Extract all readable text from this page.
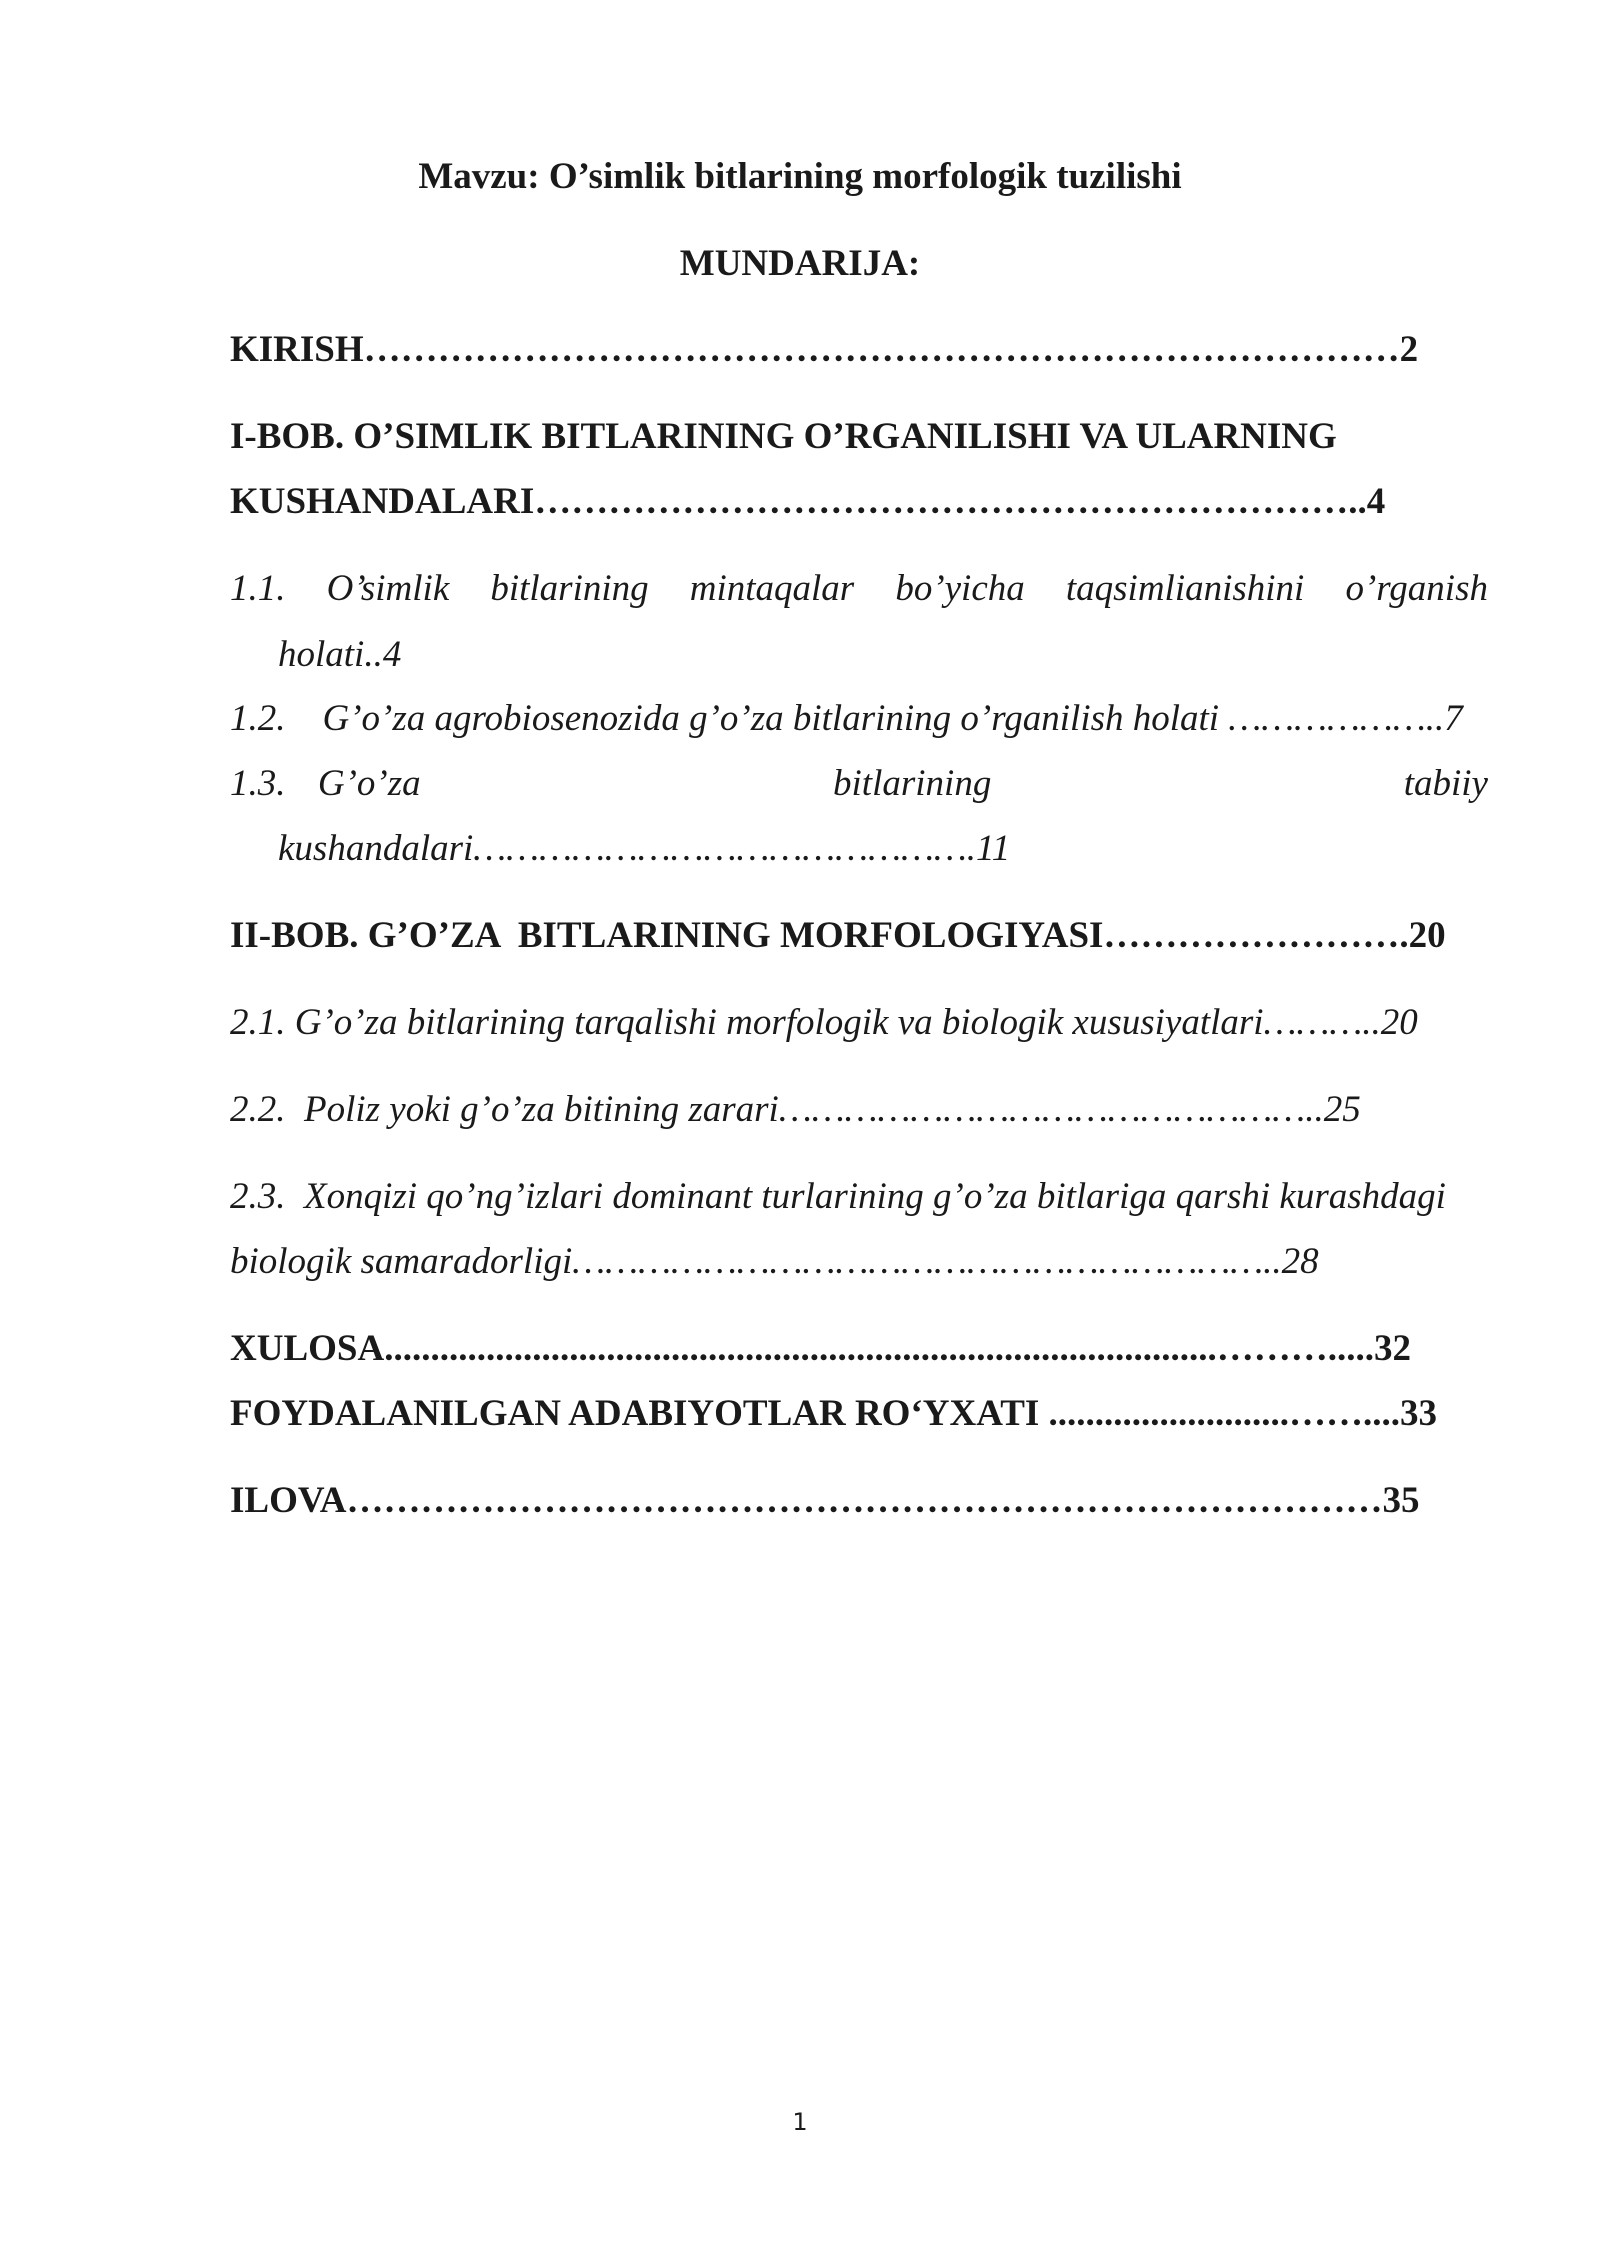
Mavzu: O’simlik bitlarining morfologik tuzilishi
MUNDARIJA:
KIRISH…………………………………………………………………………2
I-BOB. O’SIMLIK BITLARINING O’RGANILISHI VA ULARNING
KUSHANDALARI…………………………………………………………..4
1.1. O’simlik bitlarining mintaqalar bo’yicha taqsimlianishini o’rganish
holati..4
1.2.    G’o’za agrobiosenozida g’o’za bitlarining o’rganilish holati ………………..7
1.3. G’o’za	bitlarining	tabiiy
kushandalari……………………………………….11
II-BOB. G’O’ZA  BITLARINING MORFOLOGIYASI…………………….20
2.1. G’o’za bitlarining tarqalishi morfologik va biologik xususiyatlari………..20
2.2.  Poliz yoki g’o’za bitining zarari…………………………………………..25
2.3.  Xonqizi qo’ng’izlari dominant turlarining g’o’za bitlariga qarshi kurashdagi
biologik samaradorligi………………………………………………………..28
XULOSA..........................................................................................……….....32
FOYDALANILGAN ADABIYOTLAR RO‘YXATI ..........................……....33
ILOVA…………………………………………………………………………35
1
